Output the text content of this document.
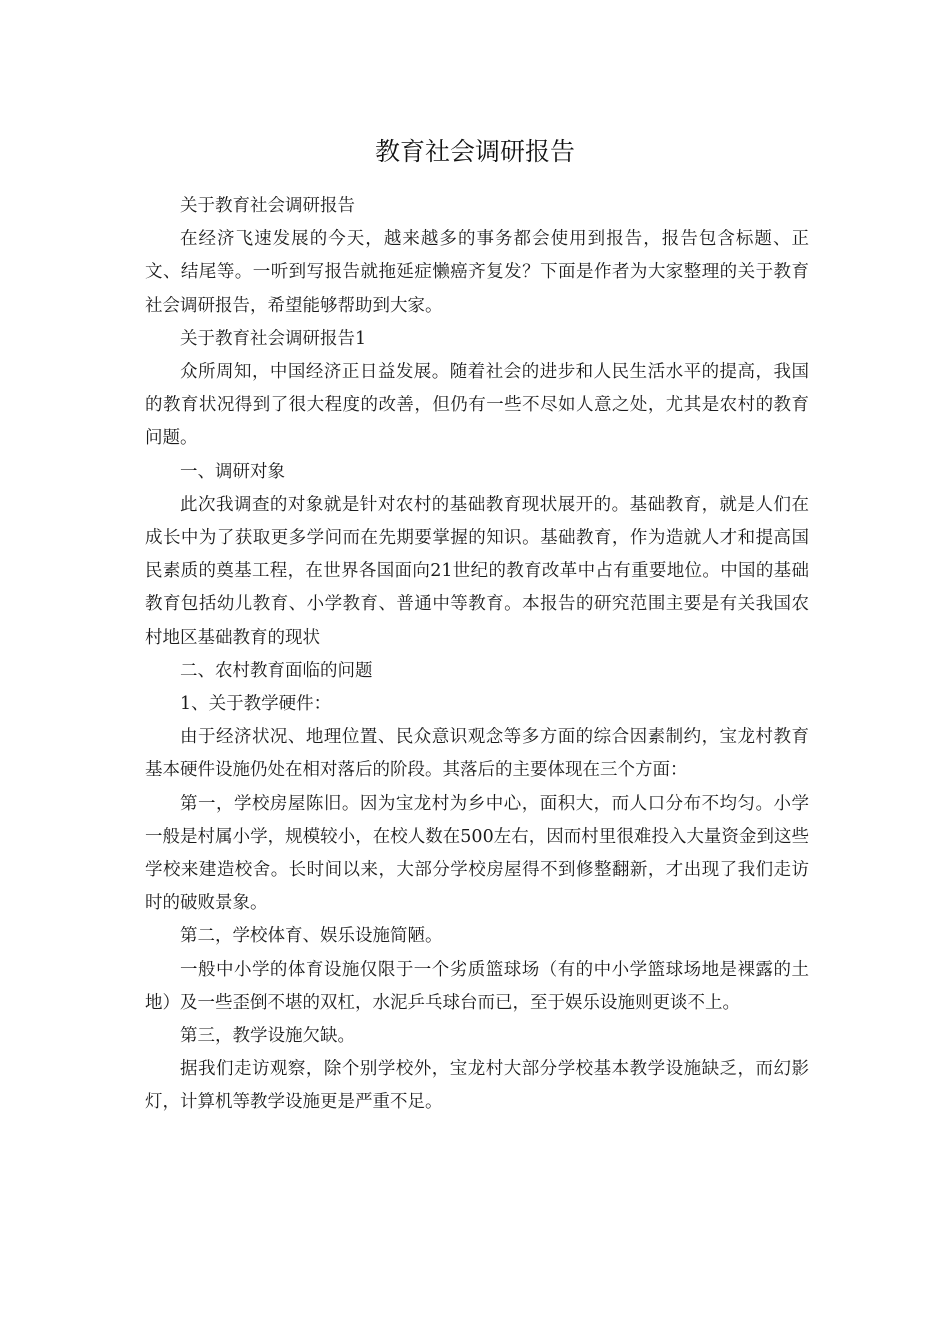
教育社会调研报告

关于教育社会调研报告

在经济飞速发展的今天，越来越多的事务都会使用到报告，报告包含标题、正文、结尾等。一听到写报告就拖延症懒癌齐复发？下面是作者为大家整理的关于教育社会调研报告，希望能够帮助到大家。

关于教育社会调研报告1

众所周知，中国经济正日益发展。随着社会的进步和人民生活水平的提高，我国的教育状况得到了很大程度的改善，但仍有一些不尽如人意之处，尤其是农村的教育问题。

一、调研对象

此次我调查的对象就是针对农村的基础教育现状展开的。基础教育，就是人们在成长中为了获取更多学问而在先期要掌握的知识。基础教育，作为造就人才和提高国民素质的奠基工程，在世界各国面向21世纪的教育改革中占有重要地位。中国的基础教育包括幼儿教育、小学教育、普通中等教育。本报告的研究范围主要是有关我国农村地区基础教育的现状

二、农村教育面临的问题

1、关于教学硬件：

由于经济状况、地理位置、民众意识观念等多方面的综合因素制约，宝龙村教育基本硬件设施仍处在相对落后的阶段。其落后的主要体现在三个方面：

第一，学校房屋陈旧。因为宝龙村为乡中心，面积大，而人口分布不均匀。小学一般是村属小学，规模较小，在校人数在500左右，因而村里很难投入大量资金到这些学校来建造校舍。长时间以来，大部分学校房屋得不到修整翻新，才出现了我们走访时的破败景象。

第二，学校体育、娱乐设施简陋。

一般中小学的体育设施仅限于一个劣质篮球场（有的中小学篮球场地是裸露的土地）及一些歪倒不堪的双杠，水泥乒乓球台而已，至于娱乐设施则更谈不上。

第三，教学设施欠缺。

据我们走访观察，除个别学校外，宝龙村大部分学校基本教学设施缺乏，而幻影灯，计算机等教学设施更是严重不足。
